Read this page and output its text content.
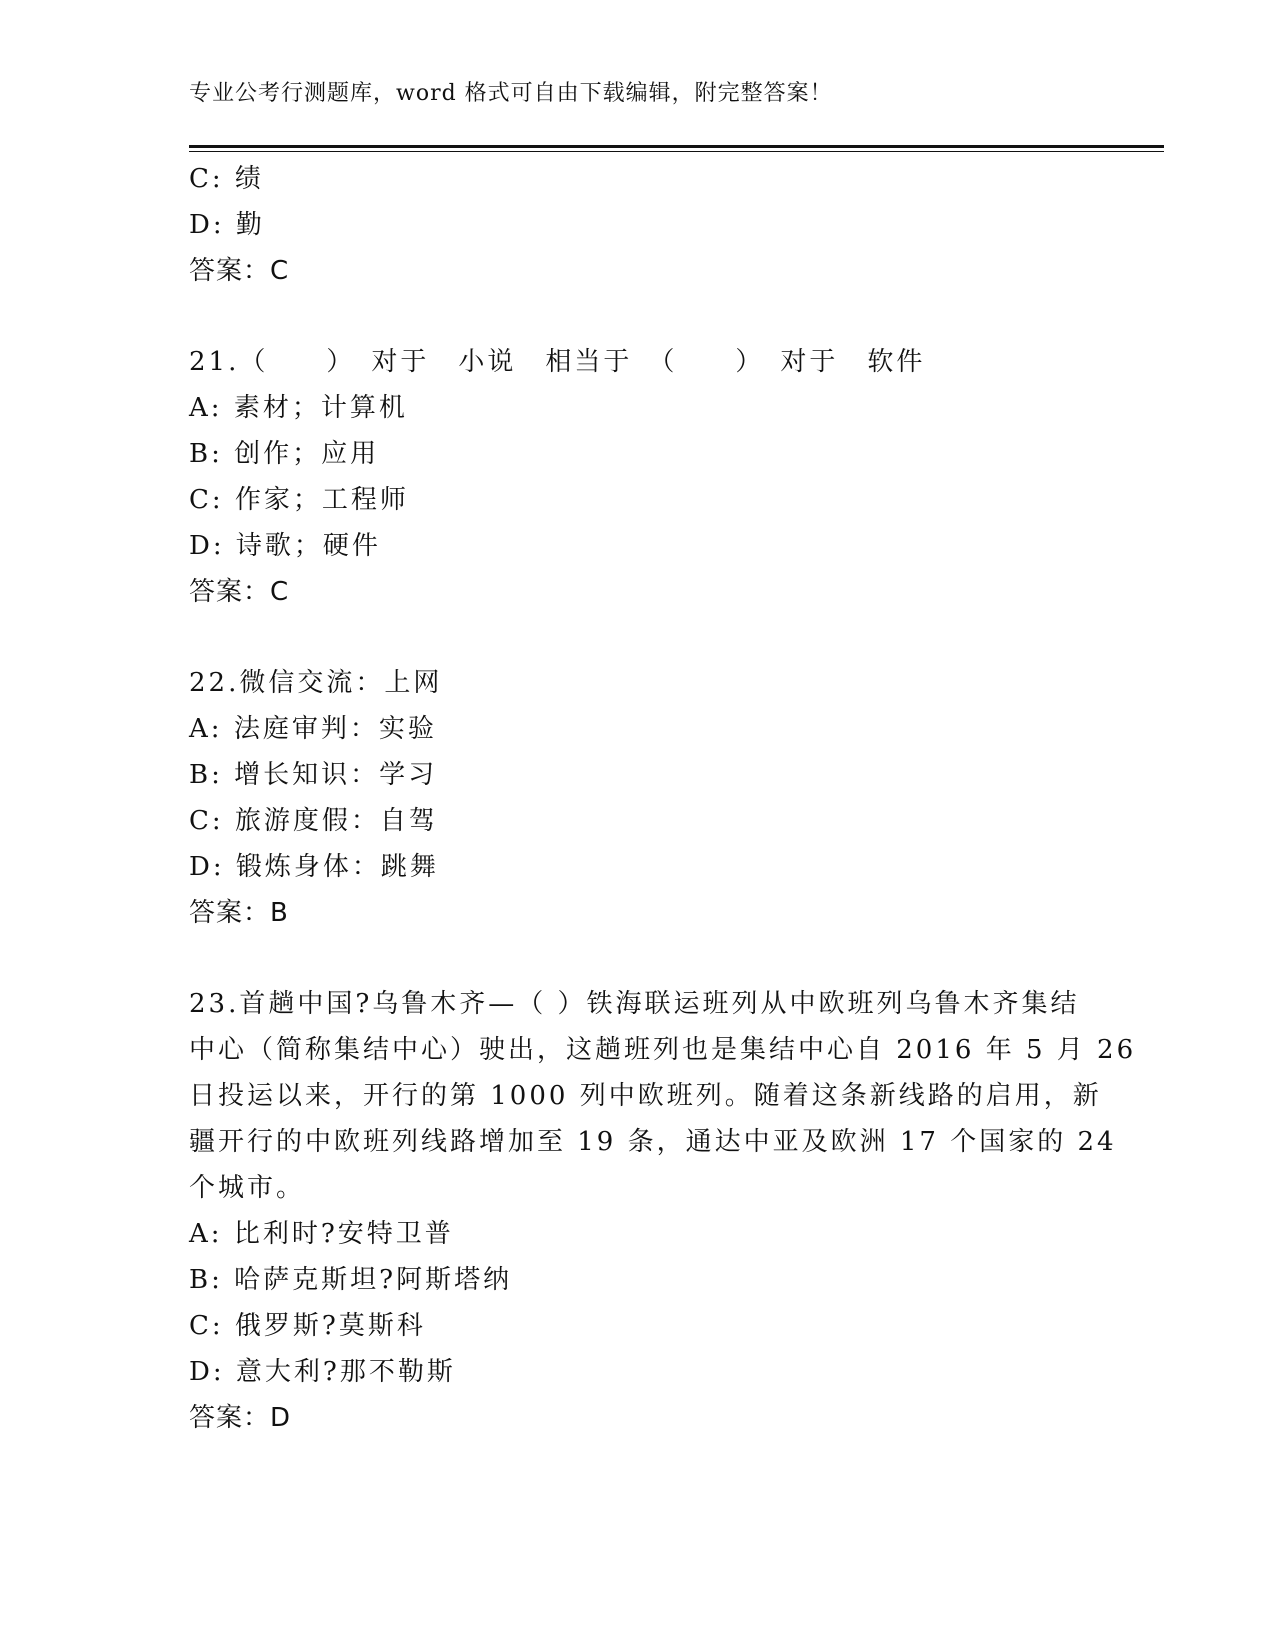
专业公考行测题库，word 格式可自由下载编辑，附完整答案！
C: 绩
D: 勤
答案：C
21.（　　）　对于　小说　相当于　（　　）　对于　软件
A: 素材；计算机
B: 创作；应用
C: 作家；工程师
D: 诗歌；硬件
答案：C
22.微信交流：上网
A: 法庭审判：实验
B: 增长知识：学习
C: 旅游度假：自驾
D: 锻炼身体：跳舞
答案：B
23.首趟中国?乌鲁木齐—（ ）铁海联运班列从中欧班列乌鲁木齐集结
中心（简称集结中心）驶出，这趟班列也是集结中心自 2016 年 5 月 26
日投运以来，开行的第 1000 列中欧班列。随着这条新线路的启用，新
疆开行的中欧班列线路增加至 19 条，通达中亚及欧洲 17 个国家的 24
个城市。
A: 比利时?安特卫普
B: 哈萨克斯坦?阿斯塔纳
C: 俄罗斯?莫斯科
D: 意大利?那不勒斯
答案：D
